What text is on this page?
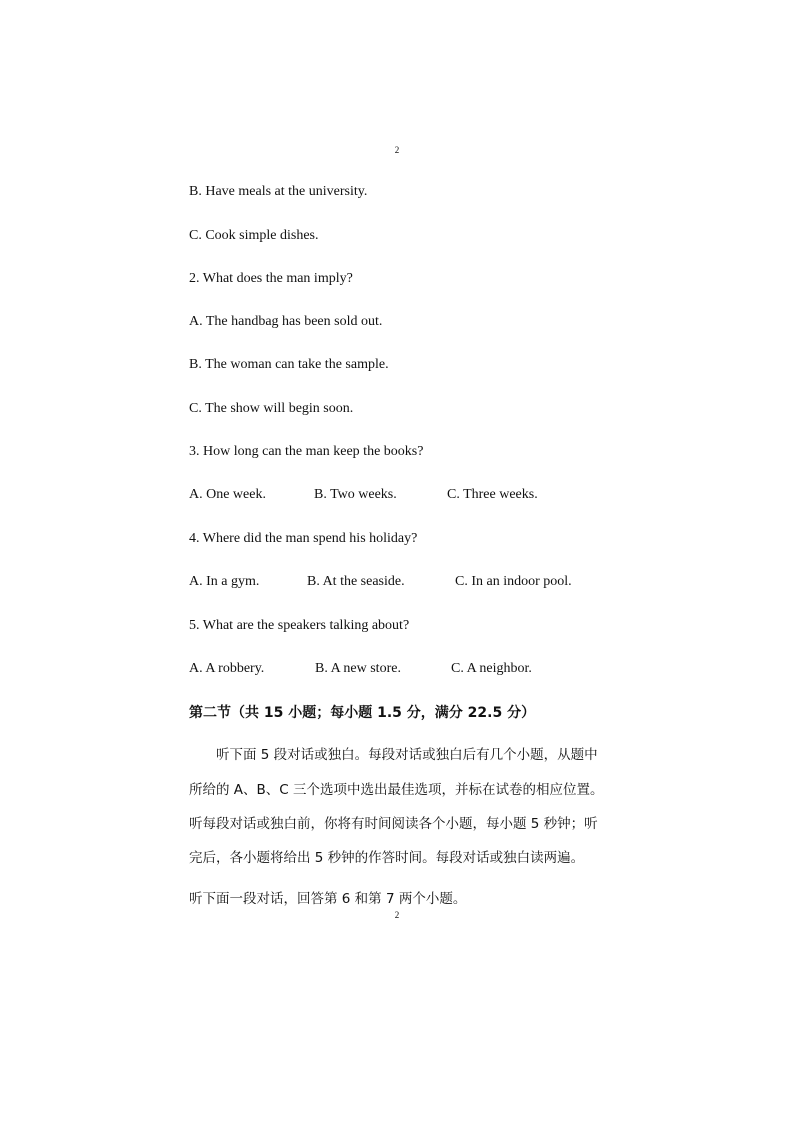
2
B. Have meals at the university.
C. Cook simple dishes.
2. What does the man imply?
A. The handbag has been sold out.
B. The woman can take the sample.
C. The show will begin soon.
3. How long can the man keep the books?
A. One week.	B. Two weeks.	C. Three weeks.
4. Where did the man spend his holiday?
A. In a gym.	B. At the seaside.	C. In an indoor pool.
5. What are the speakers talking about?
A. A robbery.	B. A new store.	C. A neighbor.
第二节（共 15 小题；每小题 1.5 分，满分 22.5 分）
　　听下面 5 段对话或独白。每段对话或独白后有几个小题，从题中
所给的 A、B、C 三个选项中选出最佳选项，并标在试卷的相应位置。
听每段对话或独白前，你将有时间阅读各个小题，每小题 5 秒钟；听
完后，各小题将给出 5 秒钟的作答时间。每段对话或独白读两遍。
听下面一段对话，回答第 6 和第 7 两个小题。
2
